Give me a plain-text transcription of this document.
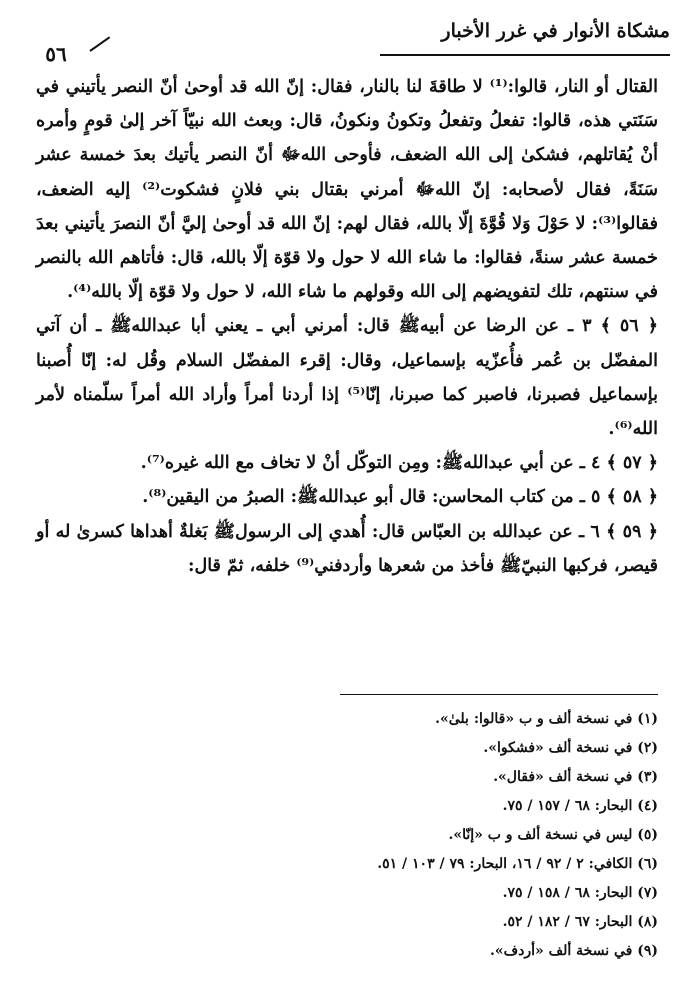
مشكاة الأنوار في غرر الأخبار
٥٦

القتال أو النار، قالوا:⁽¹⁾ لا طاقةَ لنا بالنار، فقال: إنّ الله قد أوحىٰ أنّ النصر يأتيني في سَنَتي هذه، قالوا: تفعلُ وتفعلُ وتكونُ ونكونُ، قال: وبعث الله نبيّاً آخر إلىٰ قومٍ وأمره أنْ يُقاتلهم، فشكىٰ إلى الله الضعف، فأوحى اللهﷻ أنّ النصر يأتيك بعدَ خمسة عشر سَنَةً، فقال لأصحابه: إنّ اللهﷻ أمرني بقتال بني فلانٍ فشكوت⁽²⁾ إليه الضعف، فقالوا⁽³⁾: لا حَوْلَ وَلا قُوَّةَ إلّا بالله، فقال لهم: إنّ الله قد أوحىٰ إليَّ أنّ النصرَ يأتيني بعدَ خمسة عشر سنةً، فقالوا: ما شاء الله لا حول ولا قوّة إلّا بالله، قال: فأتاهم الله بالنصر في سنتهم، تلك لتفويضهم إلى الله وقولهم ما شاء الله، لا حول ولا قوّة إلّا بالله⁽⁴⁾.

﴿ ٥٦ ﴾ ٣ ـ عن الرضا عن أبيهﷺ قال: أمرني أبي ـ يعني أبا عبداللهﷺ ـ أن آتي المفضّل بن عُمر فأُعزّيه بإسماعيل، وقال: إقرء المفضّل السلام وقُل له: إنّا أُصبنا بإسماعيل فصبرنا، فاصبر كما صبرنا، إنّا⁽⁵⁾ إذا أردنا أمراً وأراد الله أمراً سلّمناه لأمر الله⁽⁶⁾.

﴿ ٥٧ ﴾ ٤ ـ عن أبي عبداللهﷺ: ومِن التوكّل أنْ لا تخاف مع الله غيره⁽⁷⁾.

﴿ ٥٨ ﴾ ٥ ـ من كتاب المحاسن: قال أبو عبداللهﷺ: الصبرُ من اليقين⁽⁸⁾.

﴿ ٥٩ ﴾ ٦ ـ عن عبدالله بن العبّاس قال: أُهدي إلى الرسولﷺ بَغلةٌ أهداها كسرىٰ له أو قيصر، فركبها النبيّﷺ فأخذ من شعرها وأردفني⁽⁹⁾ خلفه، ثمّ قال:

(١) في نسخة ألف و ب «قالوا: بلىٰ».
(٢) في نسخة ألف «فشكوا».
(٣) في نسخة ألف «فقال».
(٤) البحار: ٦٨ / ١٥٧ / ٧٥.
(٥) ليس في نسخة ألف و ب «إنّا».
(٦) الكافي: ٢ / ٩٢ / ١٦، البحار: ٧٩ / ١٠٣ / ٥١.
(٧) البحار: ٦٨ / ١٥٨ / ٧٥.
(٨) البحار: ٦٧ / ١٨٢ / ٥٢.
(٩) في نسخة ألف «أردف».
